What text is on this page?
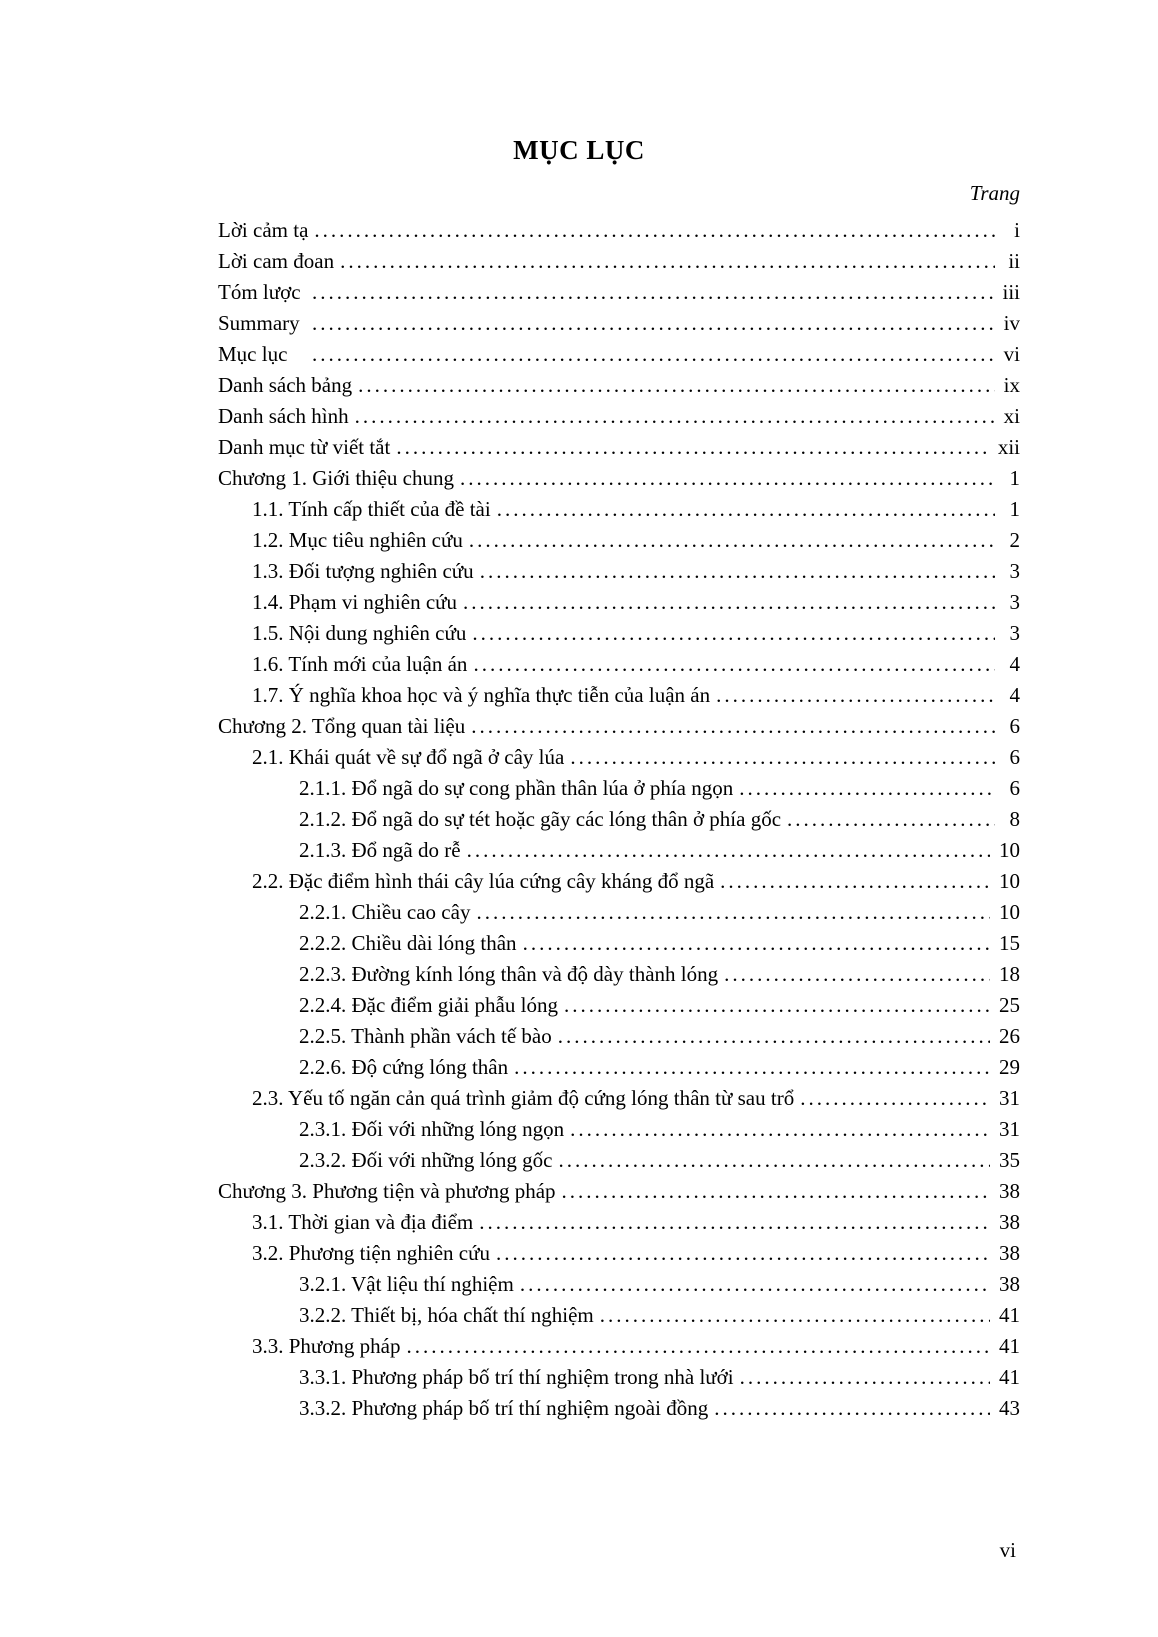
MỤC LỤC
Trang
Lời cảm tạ .....	i
Lời cam đoan .....	ii
Tóm lược .....	iii
Summary .....	iv
Mục lục .....	vi
Danh sách bảng .....	ix
Danh sách hình .....	xi
Danh mục từ viết tắt .....	xii
Chương 1. Giới thiệu chung .....	1
1.1. Tính cấp thiết của đề tài .....	1
1.2. Mục tiêu nghiên cứu .....	2
1.3. Đối tượng nghiên cứu .....	3
1.4. Phạm vi nghiên cứu .....	3
1.5. Nội dung nghiên cứu .....	3
1.6. Tính mới của luận án .....	4
1.7. Ý nghĩa khoa học và ý nghĩa thực tiễn của luận án .....	4
Chương 2. Tổng quan tài liệu .....	6
2.1. Khái quát về sự đổ ngã ở cây lúa .....	6
2.1.1. Đổ ngã do sự cong phần thân lúa ở phía ngọn .....	6
2.1.2. Đổ ngã do sự tét hoặc gãy các lóng thân ở phía gốc .....	8
2.1.3. Đổ ngã do rễ .....	10
2.2. Đặc điểm hình thái cây lúa cứng cây kháng đổ ngã .....	10
2.2.1. Chiều cao cây .....	10
2.2.2. Chiều dài lóng thân .....	15
2.2.3. Đường kính lóng thân và độ dày thành lóng .....	18
2.2.4. Đặc điểm giải phẫu lóng .....	25
2.2.5. Thành phần vách tế bào .....	26
2.2.6. Độ cứng lóng thân .....	29
2.3. Yếu tố ngăn cản quá trình giảm độ cứng lóng thân từ sau trổ .....	31
2.3.1. Đối với những lóng ngọn .....	31
2.3.2. Đối với những lóng gốc .....	35
Chương 3. Phương tiện và phương pháp .....	38
3.1. Thời gian và địa điểm .....	38
3.2. Phương tiện nghiên cứu .....	38
3.2.1. Vật liệu thí nghiệm .....	38
3.2.2. Thiết bị, hóa chất thí nghiệm .....	41
3.3. Phương pháp .....	41
3.3.1. Phương pháp bố trí thí nghiệm trong nhà lưới .....	41
3.3.2. Phương pháp bố trí thí nghiệm ngoài đồng .....	43
vi
